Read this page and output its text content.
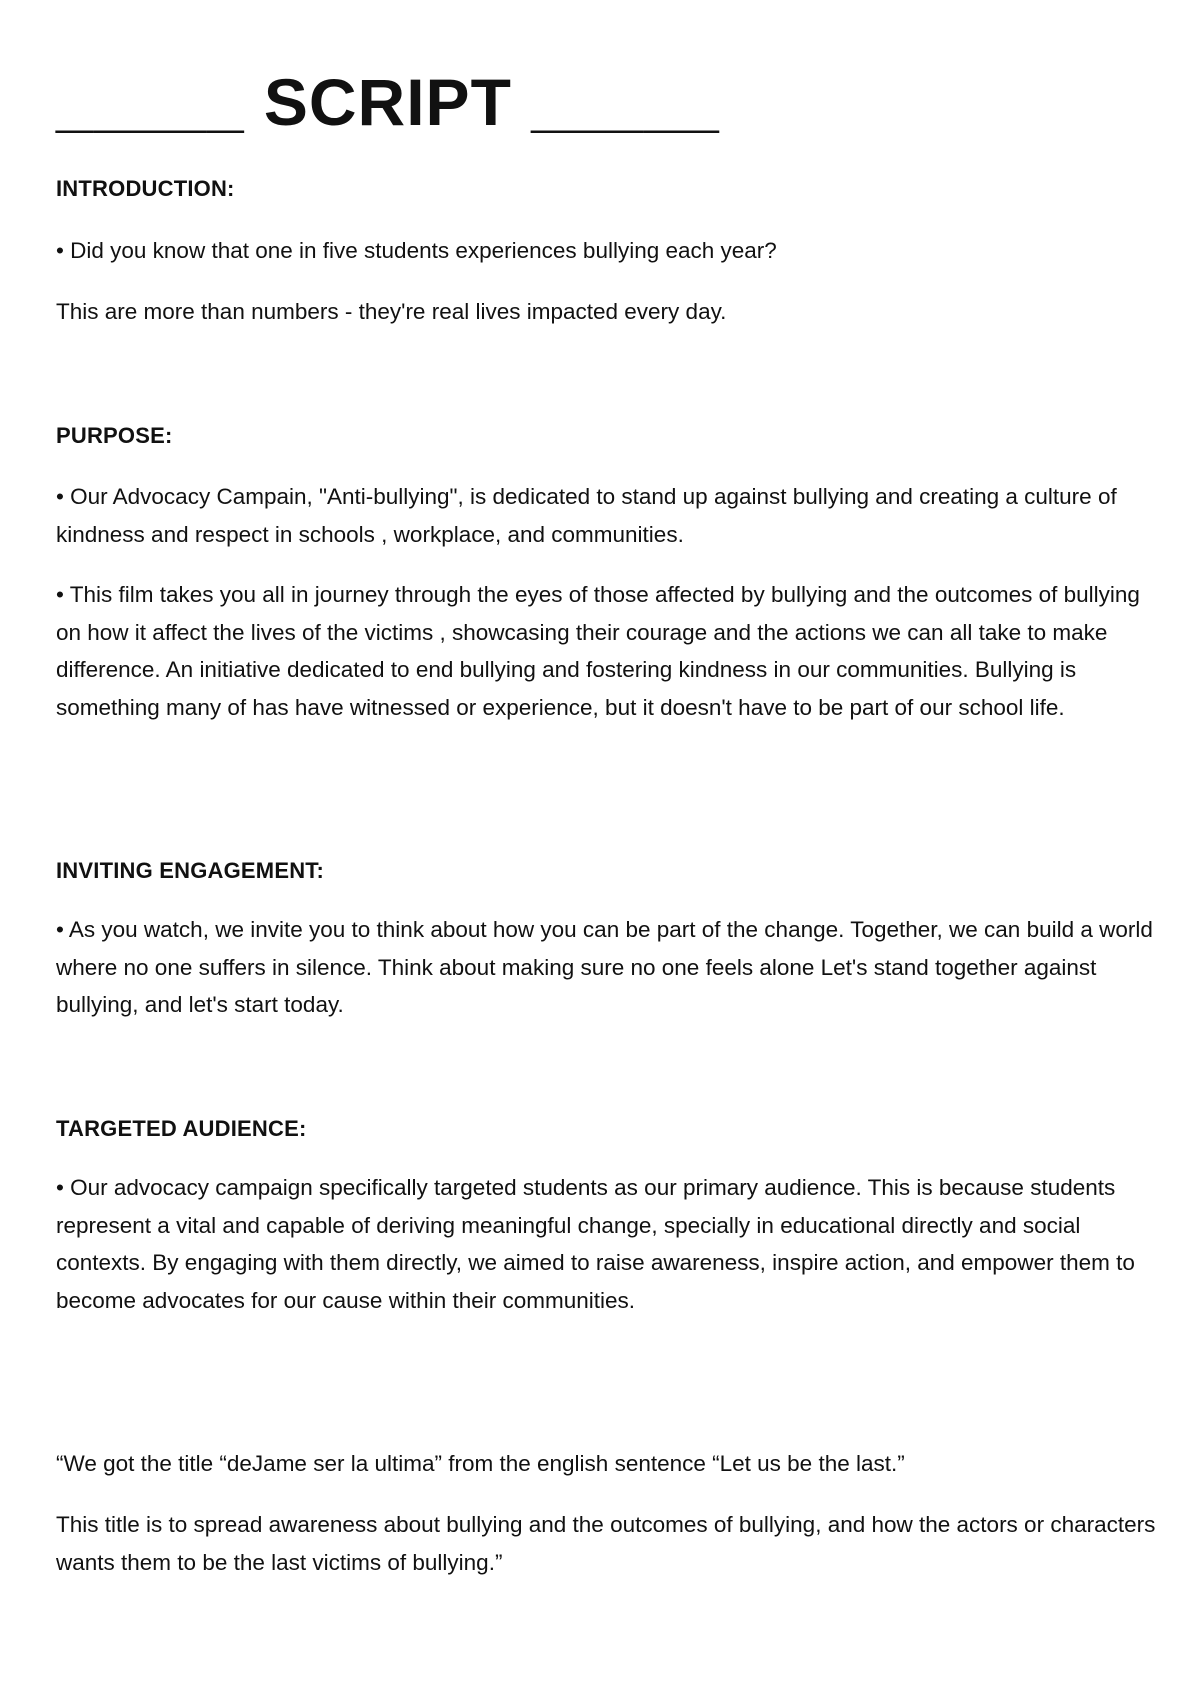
_____ SCRIPT _____
INTRODUCTION:

• Did you know that one in five students experiences bullying each year?

This are more than numbers - they're real lives impacted every day.

PURPOSE:

• Our Advocacy Campain, "Anti-bullying", is dedicated to stand up against bullying and creating a culture of kindness and respect in schools , workplace, and communities.

• This film takes you all in journey through the eyes of those affected by bullying and the outcomes of bullying on how it affect the lives of the victims , showcasing their courage and the actions we can all take to make difference. An initiative dedicated to end bullying and fostering kindness in our communities. Bullying is something many of has have witnessed or experience, but it doesn't have to be part of our school life.

INVITING ENGAGEMENT:

• As you watch, we invite you to think about how you can be part of the change. Together, we can build a world where no one suffers in silence. Think about making sure no one feels alone Let's stand together against bullying, and let's start today.

TARGETED AUDIENCE:

• Our advocacy campaign specifically targeted students as our primary audience. This is because students represent a vital and capable of deriving meaningful change, specially in educational directly and social contexts. By engaging with them directly, we aimed to raise awareness, inspire action, and empower them to become advocates for our cause within their communities.

“We got the title “deJame ser la ultima” from the english sentence “Let us be the last.”

This title is to spread awareness about bullying and the outcomes of bullying, and how the actors or characters wants them to be the last victims of bullying.”
